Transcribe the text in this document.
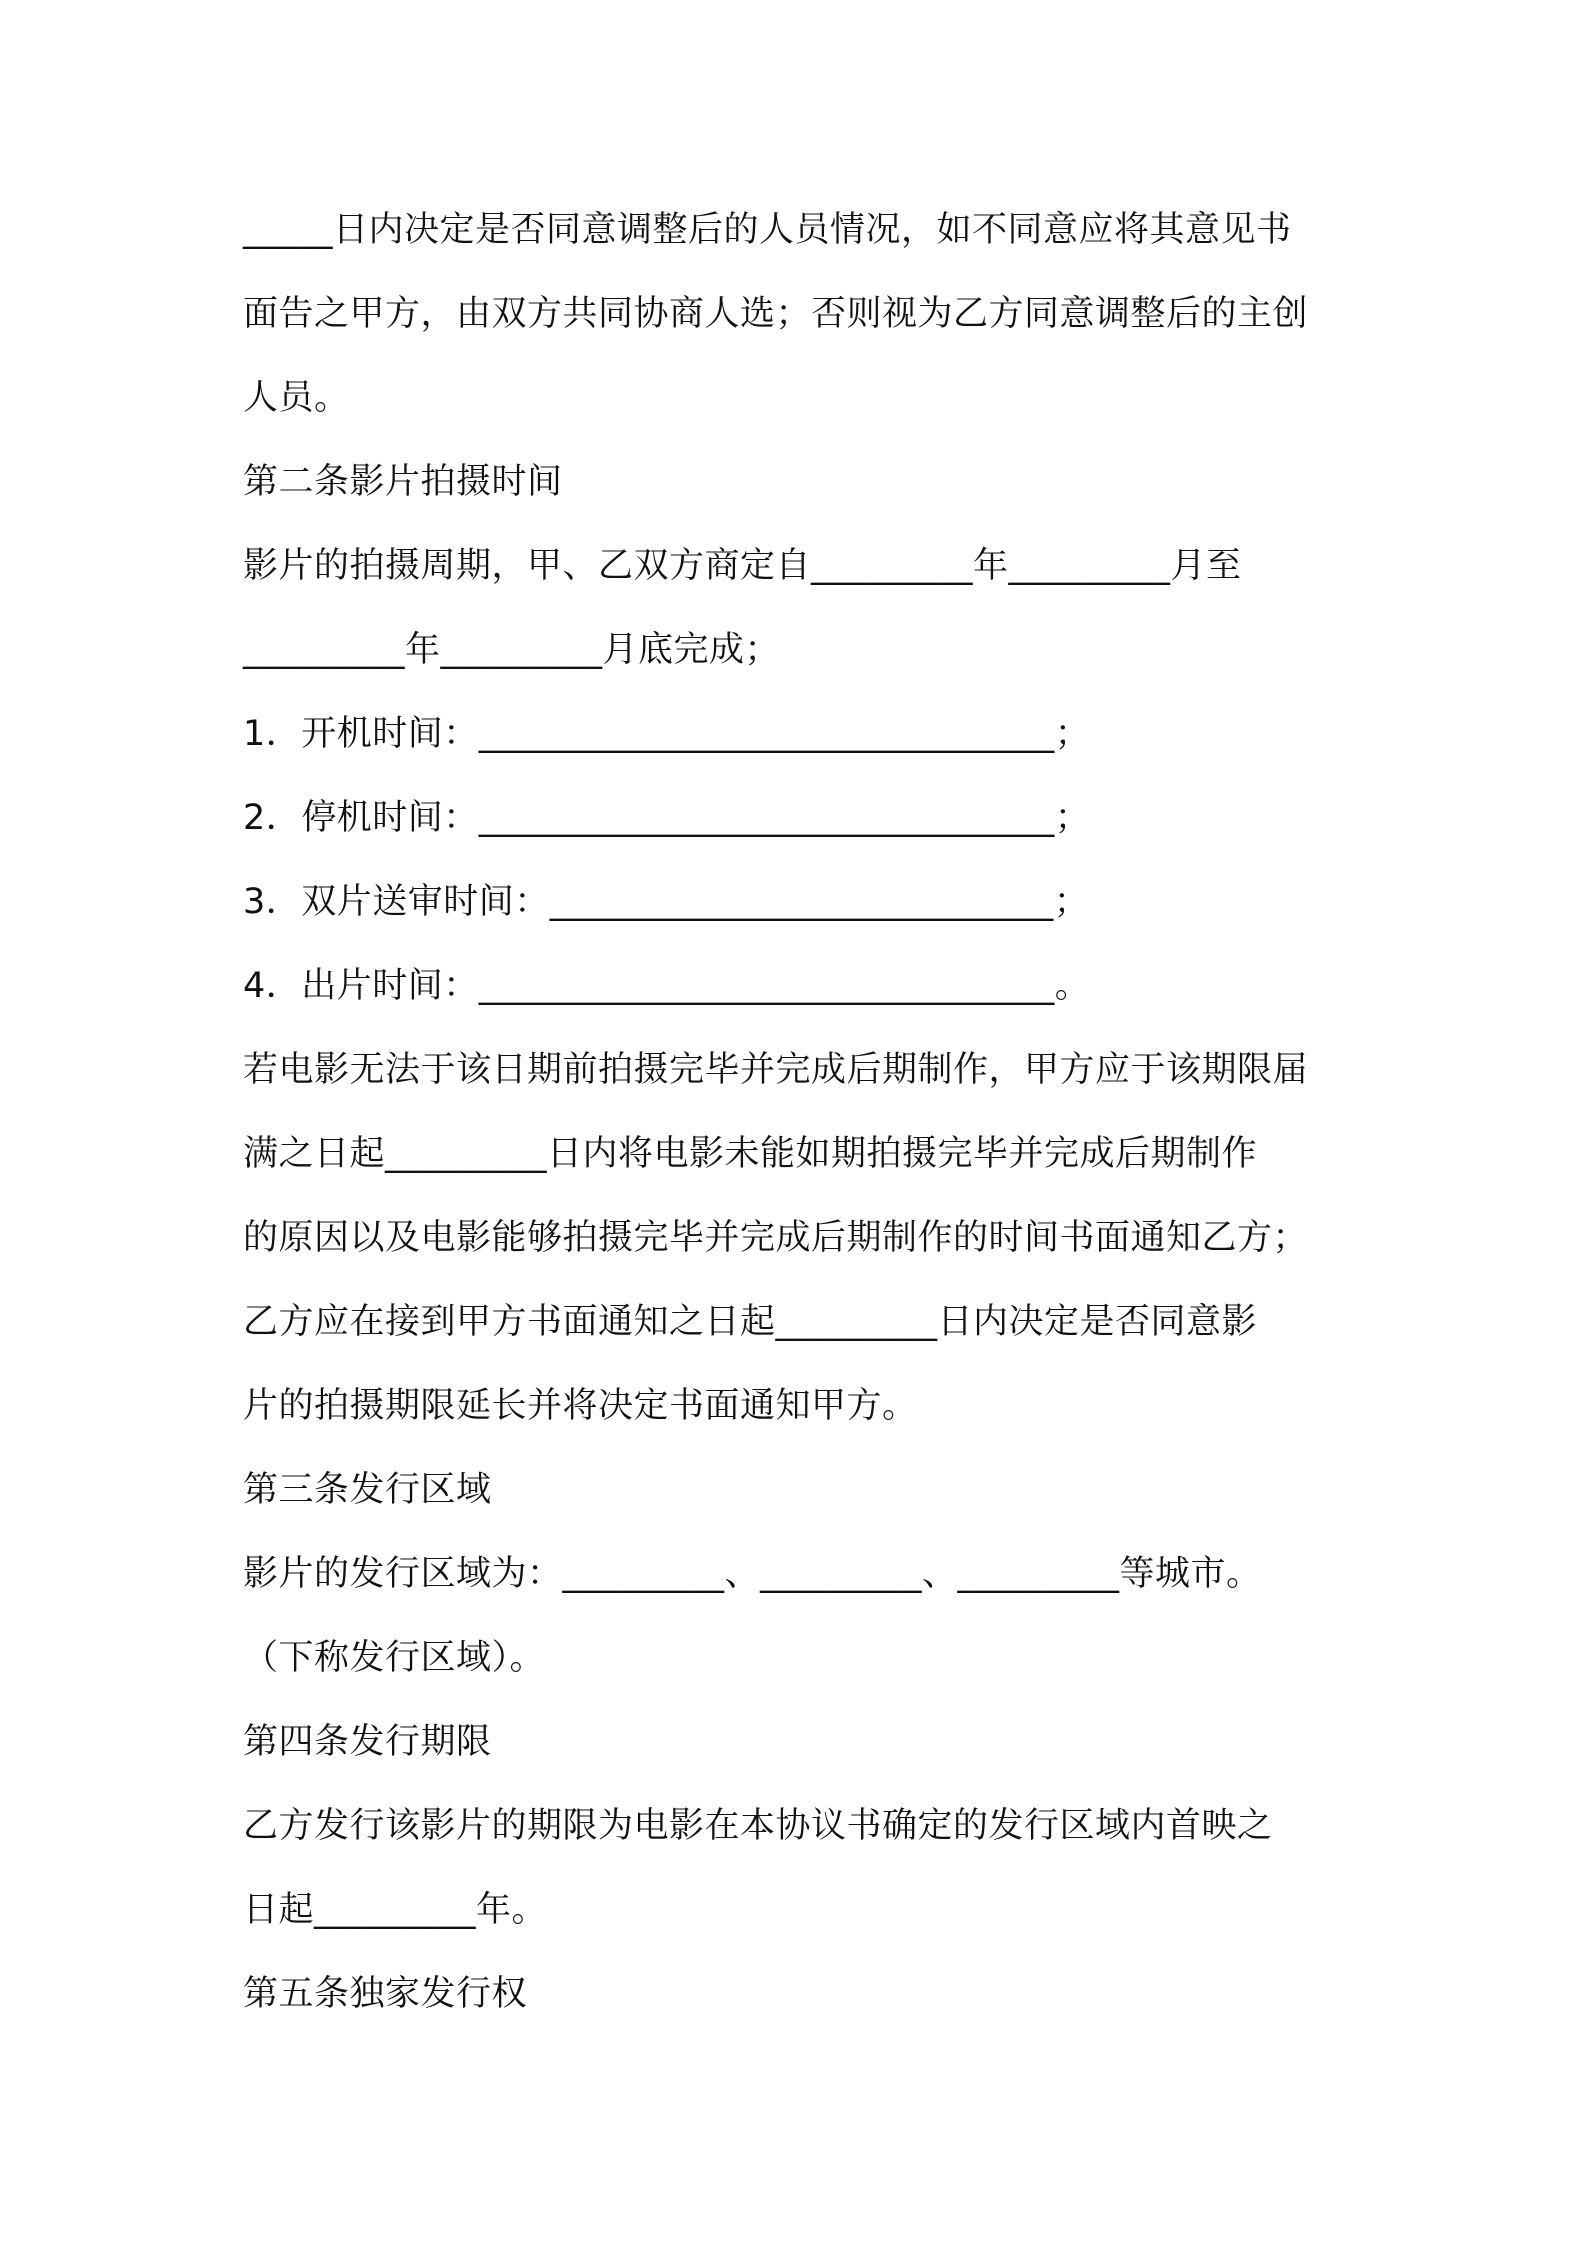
_____日内决定是否同意调整后的人员情况，如不同意应将其意见书
面告之甲方，由双方共同协商人选；否则视为乙方同意调整后的主创
人员。
第二条影片拍摄时间
影片的拍摄周期，甲、乙双方商定自_________年_________月至
_________年_________月底完成；
1．开机时间：________________________________；
2．停机时间：________________________________；
3．双片送审时间：____________________________；
4．出片时间：________________________________。
若电影无法于该日期前拍摄完毕并完成后期制作，甲方应于该期限届
满之日起_________日内将电影未能如期拍摄完毕并完成后期制作
的原因以及电影能够拍摄完毕并完成后期制作的时间书面通知乙方；
乙方应在接到甲方书面通知之日起_________日内决定是否同意影
片的拍摄期限延长并将决定书面通知甲方。
第三条发行区域
影片的发行区域为：_________、_________、_________等城市。
（下称发行区域）。
第四条发行期限
乙方发行该影片的期限为电影在本协议书确定的发行区域内首映之
日起_________年。
第五条独家发行权
